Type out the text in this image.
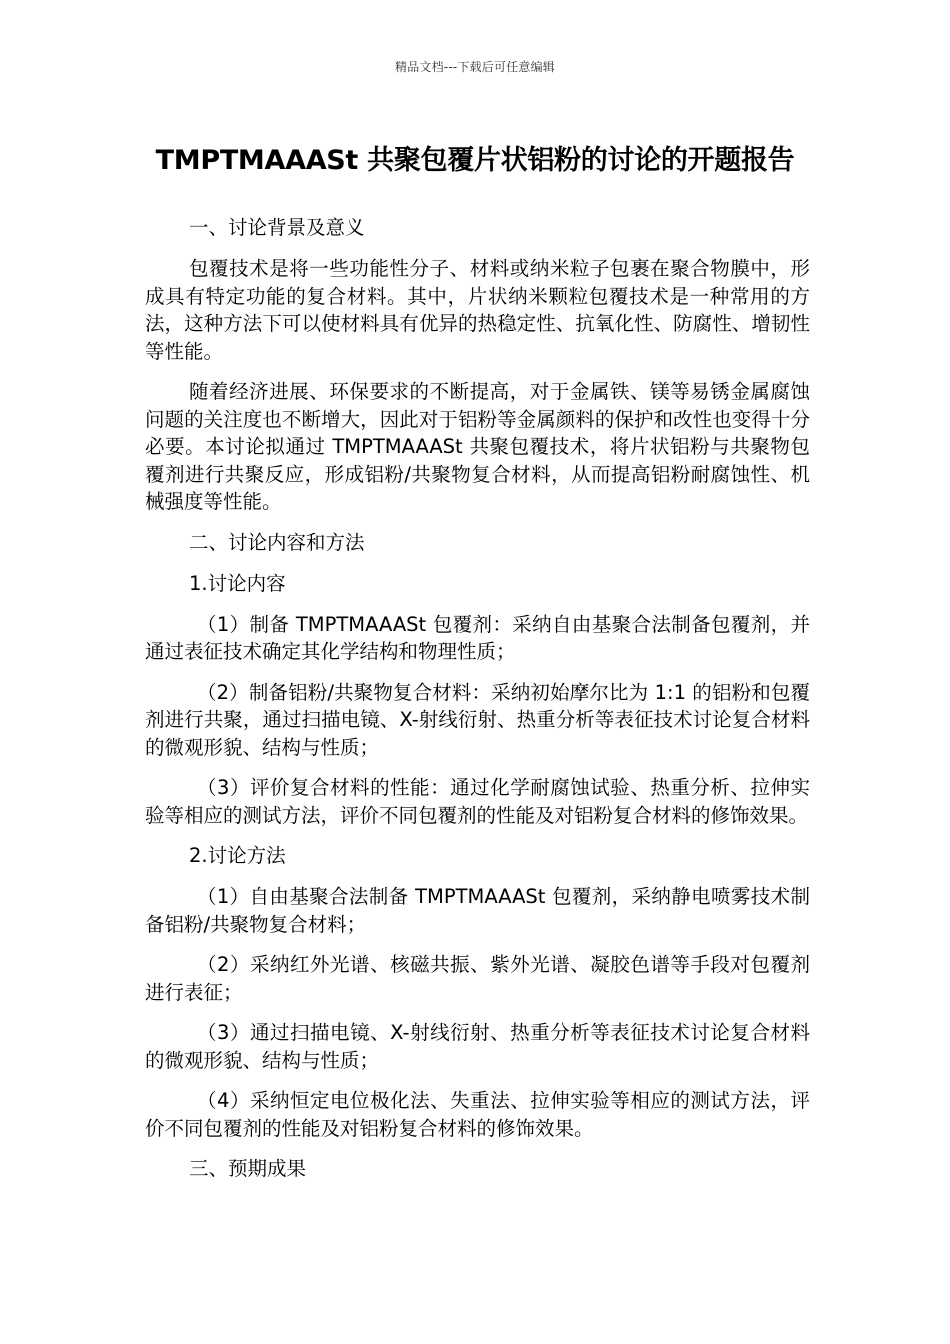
精品文档---下载后可任意编辑
TMPTMAAASt 共聚包覆片状铝粉的讨论的开题报告

一、讨论背景及意义

包覆技术是将一些功能性分子、材料或纳米粒子包裹在聚合物膜中，形成具有特定功能的复合材料。其中，片状纳米颗粒包覆技术是一种常用的方法，这种方法下可以使材料具有优异的热稳定性、抗氧化性、防腐性、增韧性等性能。

随着经济进展、环保要求的不断提高，对于金属铁、镁等易锈金属腐蚀问题的关注度也不断增大，因此对于铝粉等金属颜料的保护和改性也变得十分必要。本讨论拟通过 TMPTMAAASt 共聚包覆技术，将片状铝粉与共聚物包覆剂进行共聚反应，形成铝粉/共聚物复合材料，从而提高铝粉耐腐蚀性、机械强度等性能。

二、讨论内容和方法

1.讨论内容

（1）制备 TMPTMAAASt 包覆剂：采纳自由基聚合法制备包覆剂，并通过表征技术确定其化学结构和物理性质；

（2）制备铝粉/共聚物复合材料：采纳初始摩尔比为 1:1 的铝粉和包覆剂进行共聚，通过扫描电镜、X-射线衍射、热重分析等表征技术讨论复合材料的微观形貌、结构与性质；

（3）评价复合材料的性能：通过化学耐腐蚀试验、热重分析、拉伸实验等相应的测试方法，评价不同包覆剂的性能及对铝粉复合材料的修饰效果。

2.讨论方法

（1）自由基聚合法制备 TMPTMAAASt 包覆剂，采纳静电喷雾技术制备铝粉/共聚物复合材料；

（2）采纳红外光谱、核磁共振、紫外光谱、凝胶色谱等手段对包覆剂进行表征；

（3）通过扫描电镜、X-射线衍射、热重分析等表征技术讨论复合材料的微观形貌、结构与性质；

（4）采纳恒定电位极化法、失重法、拉伸实验等相应的测试方法，评价不同包覆剂的性能及对铝粉复合材料的修饰效果。

三、预期成果
